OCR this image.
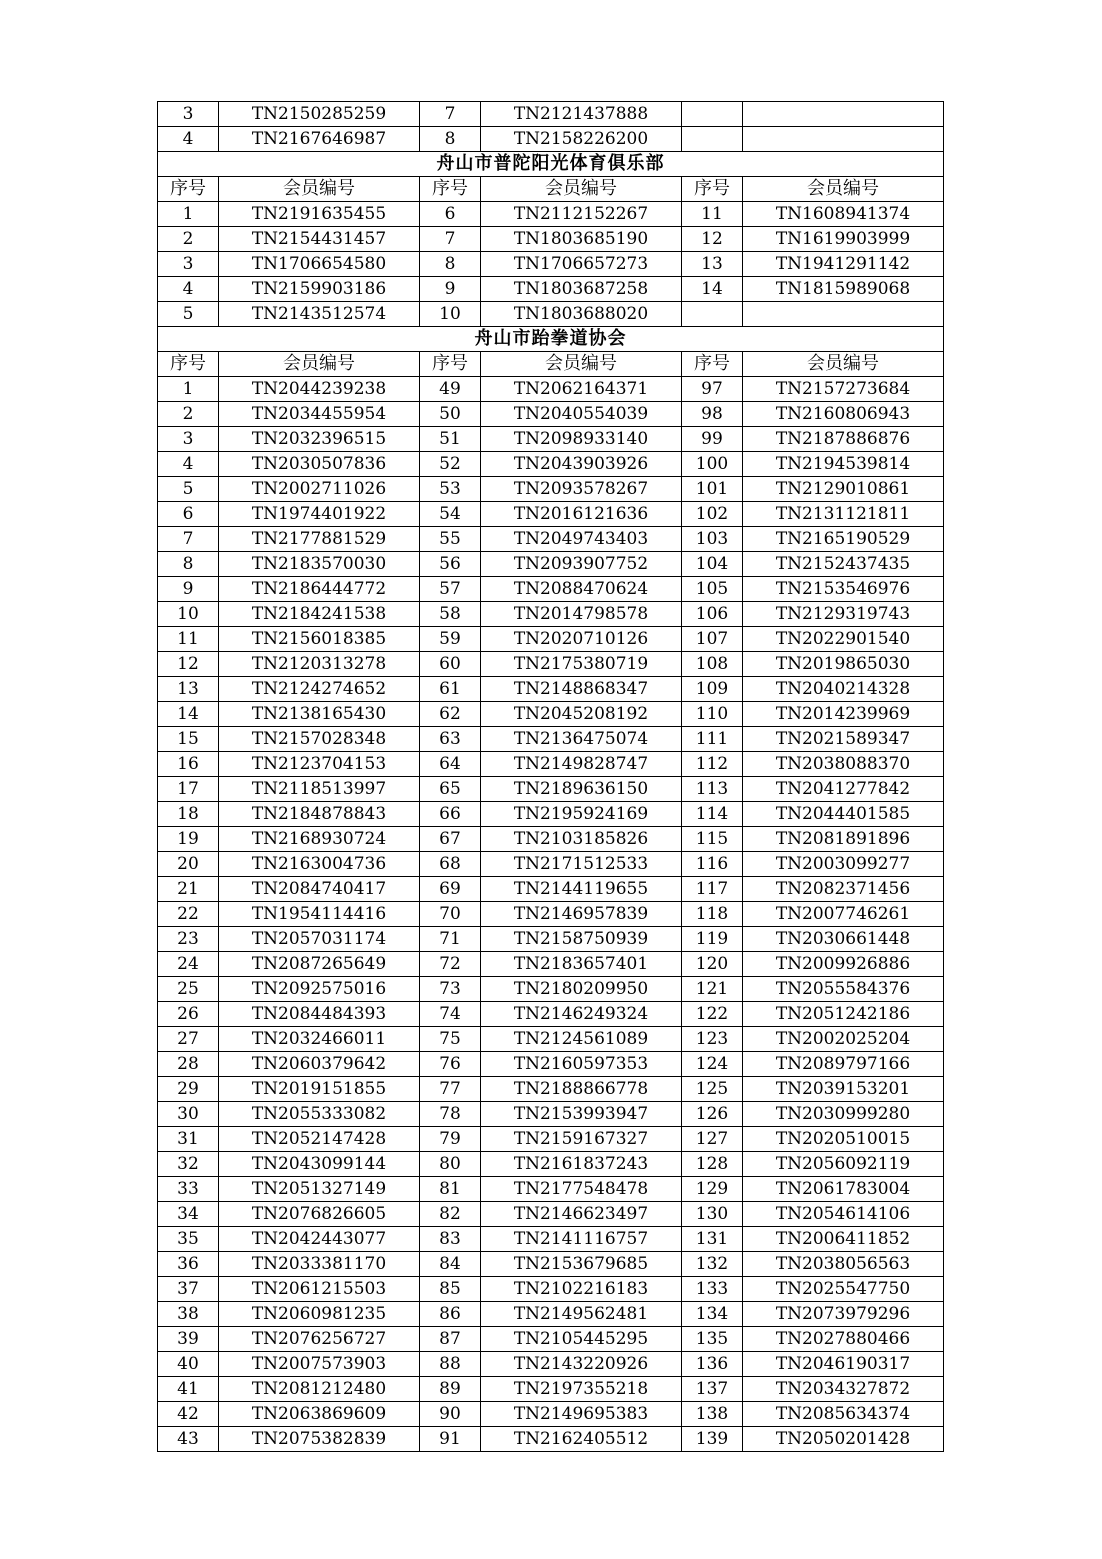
3	TN2150285259	7	TN2121437888		
4	TN2167646987	8	TN2158226200		
舟山市普陀阳光体育俱乐部					
序号	会员编号	序号	会员编号	序号	会员编号
1	TN2191635455	6	TN2112152267	11	TN1608941374
2	TN2154431457	7	TN1803685190	12	TN1619903999
3	TN1706654580	8	TN1706657273	13	TN1941291142
4	TN2159903186	9	TN1803687258	14	TN1815989068
5	TN2143512574	10	TN1803688020		
舟山市跆拳道协会					
序号	会员编号	序号	会员编号	序号	会员编号
1	TN2044239238	49	TN2062164371	97	TN2157273684
2	TN2034455954	50	TN2040554039	98	TN2160806943
3	TN2032396515	51	TN2098933140	99	TN2187886876
4	TN2030507836	52	TN2043903926	100	TN2194539814
5	TN2002711026	53	TN2093578267	101	TN2129010861
6	TN1974401922	54	TN2016121636	102	TN2131121811
7	TN2177881529	55	TN2049743403	103	TN2165190529
8	TN2183570030	56	TN2093907752	104	TN2152437435
9	TN2186444772	57	TN2088470624	105	TN2153546976
10	TN2184241538	58	TN2014798578	106	TN2129319743
11	TN2156018385	59	TN2020710126	107	TN2022901540
12	TN2120313278	60	TN2175380719	108	TN2019865030
13	TN2124274652	61	TN2148868347	109	TN2040214328
14	TN2138165430	62	TN2045208192	110	TN2014239969
15	TN2157028348	63	TN2136475074	111	TN2021589347
16	TN2123704153	64	TN2149828747	112	TN2038088370
17	TN2118513997	65	TN2189636150	113	TN2041277842
18	TN2184878843	66	TN2195924169	114	TN2044401585
19	TN2168930724	67	TN2103185826	115	TN2081891896
20	TN2163004736	68	TN2171512533	116	TN2003099277
21	TN2084740417	69	TN2144119655	117	TN2082371456
22	TN1954114416	70	TN2146957839	118	TN2007746261
23	TN2057031174	71	TN2158750939	119	TN2030661448
24	TN2087265649	72	TN2183657401	120	TN2009926886
25	TN2092575016	73	TN2180209950	121	TN2055584376
26	TN2084484393	74	TN2146249324	122	TN2051242186
27	TN2032466011	75	TN2124561089	123	TN2002025204
28	TN2060379642	76	TN2160597353	124	TN2089797166
29	TN2019151855	77	TN2188866778	125	TN2039153201
30	TN2055333082	78	TN2153993947	126	TN2030999280
31	TN2052147428	79	TN2159167327	127	TN2020510015
32	TN2043099144	80	TN2161837243	128	TN2056092119
33	TN2051327149	81	TN2177548478	129	TN2061783004
34	TN2076826605	82	TN2146623497	130	TN2054614106
35	TN2042443077	83	TN2141116757	131	TN2006411852
36	TN2033381170	84	TN2153679685	132	TN2038056563
37	TN2061215503	85	TN2102216183	133	TN2025547750
38	TN2060981235	86	TN2149562481	134	TN2073979296
39	TN2076256727	87	TN2105445295	135	TN2027880466
40	TN2007573903	88	TN2143220926	136	TN2046190317
41	TN2081212480	89	TN2197355218	137	TN2034327872
42	TN2063869609	90	TN2149695383	138	TN2085634374
43	TN2075382839	91	TN2162405512	139	TN2050201428
